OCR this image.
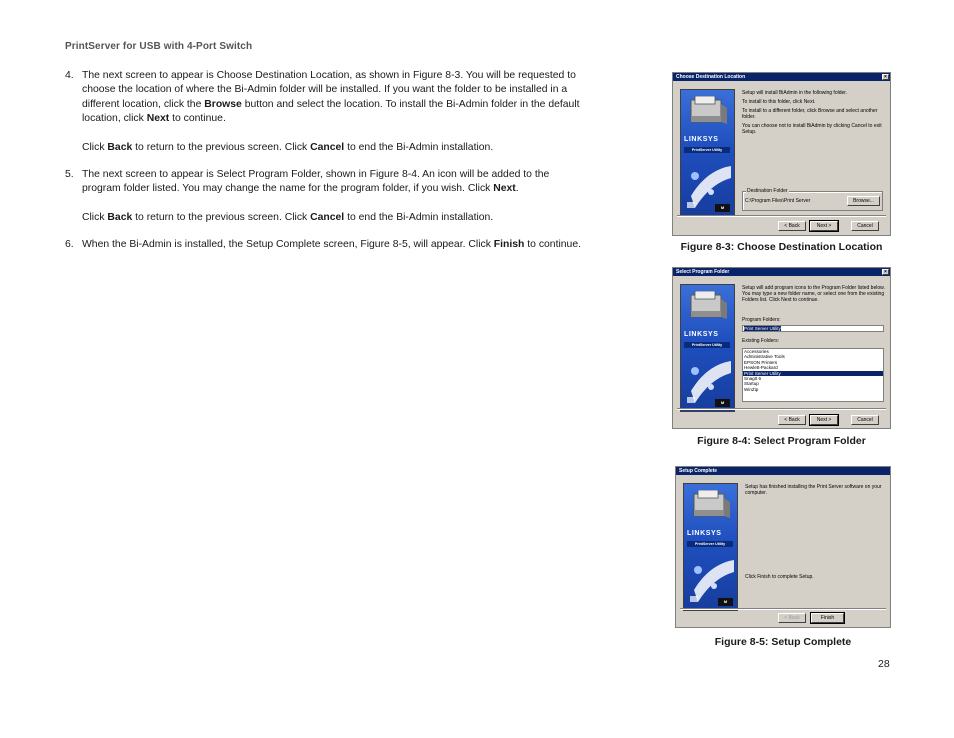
PrintServer for USB with 4-Port Switch
4. The next screen to appear is Choose Destination Location, as shown in Figure 8-3. You will be requested to choose the location of where the Bi-Admin folder will be installed. If you want the folder to be installed in a different location, click the Browse button and select the location. To install the Bi-Admin folder in the default location, click Next to continue.

Click Back to return to the previous screen. Click Cancel to end the Bi-Admin installation.

5. The next screen to appear is Select Program Folder, shown in Figure 8-4. An icon will be added to the program folder listed. You may change the name for the program folder, if you wish. Click Next.

Click Back to return to the previous screen. Click Cancel to end the Bi-Admin installation.

6. When the Bi-Admin is installed, the Setup Complete screen, Figure 8-5, will appear. Click Finish to continue.

Choose Destination Location	×
LINKSYS
PrintServer Utility
M

Setup will install BiAdmin in the following folder.

To install to this folder, click Next.

To install to a different folder, click Browse and select another folder.

You can choose not to install BiAdmin by clicking Cancel to exit Setup.

Destination Folder
C:\Program Files\Print Server	Browse...
< Back	Next >	Cancel
Figure 8-3: Choose Destination Location
Select Program Folder	×
LINKSYS
PrintServer Utility
M
Setup will add program icons to the Program Folder listed below. You may type a new folder name, or select one from the existing Folders list. Click Next to continue.
Program Folders:
Print Server Utility
Existing Folders:
Accessories
Administrative Tools
EPSON Printers
Hewlett-Packard
Print Server Utility
SnagIt 6
Startup
WinZip
< Back	Next >	Cancel
Figure 8-4: Select Program Folder
Setup Complete
LINKSYS
PrintServer Utility
M
Setup has finished installing the Print Server software on your computer.
Click Finish to complete Setup.
< Back	Finish
Figure 8-5: Setup Complete
28
